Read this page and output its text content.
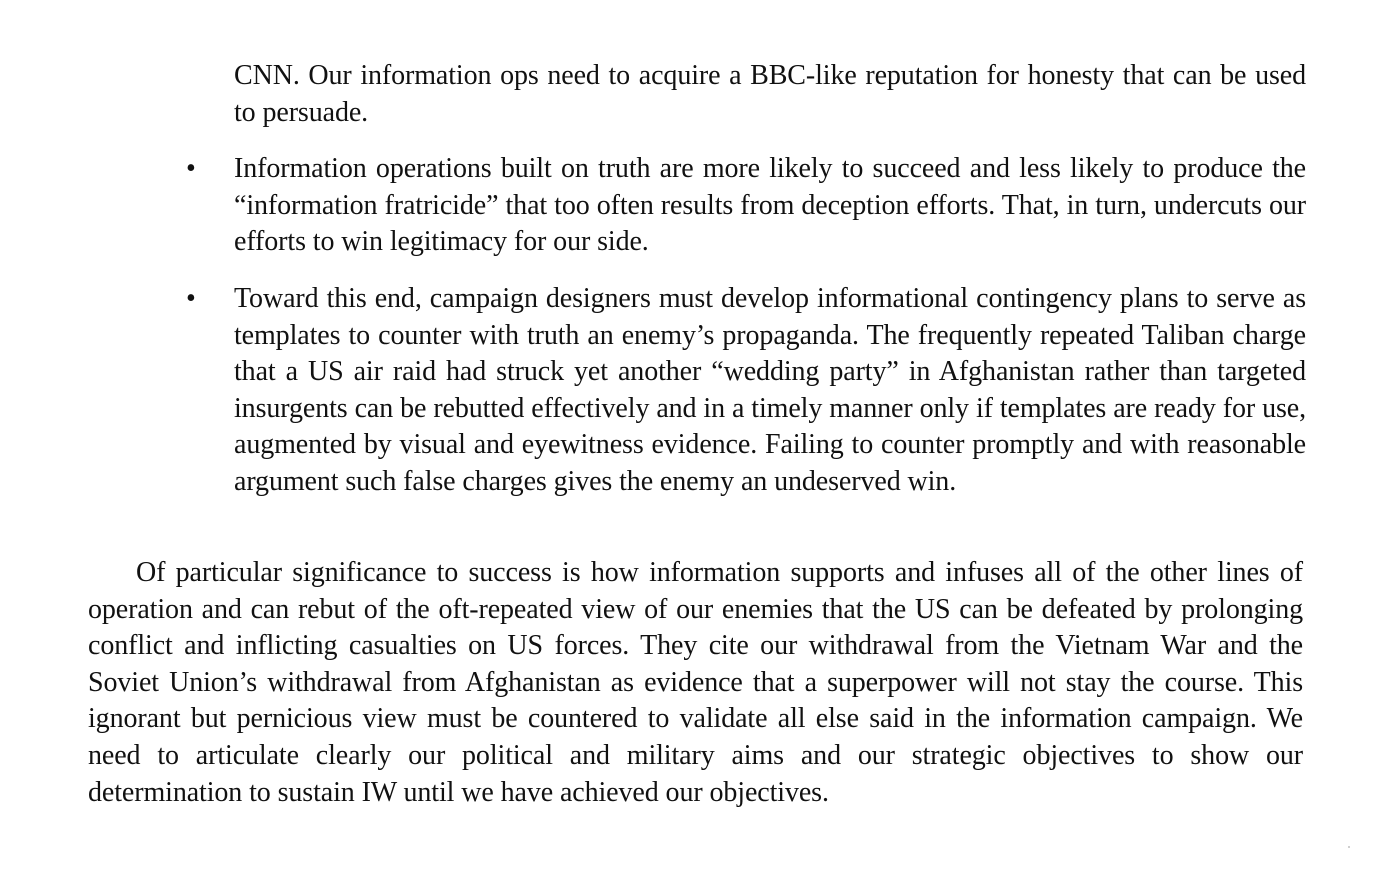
CNN. Our information ops need to acquire a BBC-like reputation for honesty that can be used to persuade.

• Information operations built on truth are more likely to succeed and less likely to produce the “information fratricide” that too often results from deception efforts. That, in turn, undercuts our efforts to win legitimacy for our side.

• Toward this end, campaign designers must develop informational contingency plans to serve as templates to counter with truth an enemy’s propaganda. The frequently repeated Taliban charge that a US air raid had struck yet another “wedding party” in Afghanistan rather than targeted insurgents can be rebutted effectively and in a timely manner only if templates are ready for use, augmented by visual and eyewitness evidence. Failing to counter promptly and with reasonable argument such false charges gives the enemy an undeserved win.

Of particular significance to success is how information supports and infuses all of the other lines of operation and can rebut of the oft-repeated view of our enemies that the US can be defeated by prolonging conflict and inflicting casualties on US forces. They cite our withdrawal from the Vietnam War and the Soviet Union’s withdrawal from Afghanistan as evidence that a superpower will not stay the course. This ignorant but pernicious view must be countered to validate all else said in the information campaign. We need to articulate clearly our political and military aims and our strategic objectives to show our determination to sustain IW until we have achieved our objectives.
